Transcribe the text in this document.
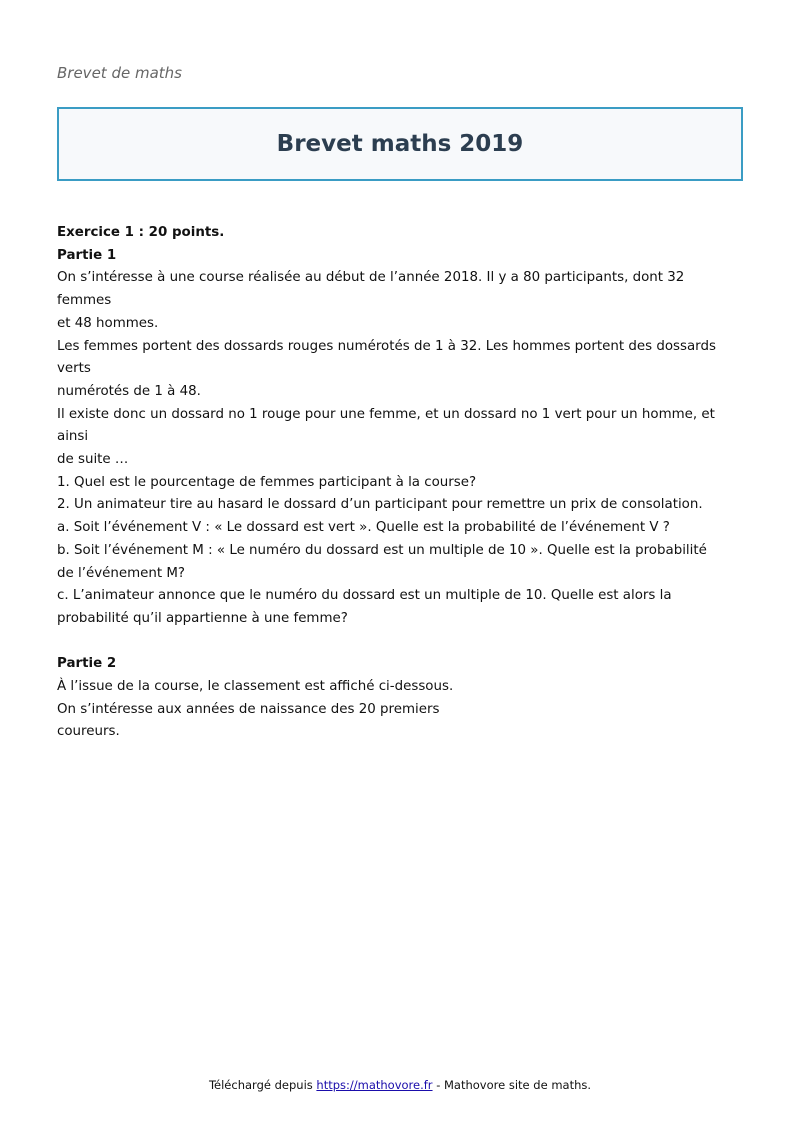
Brevet de maths
Brevet maths 2019

Exercice 1 : 20 points.

Partie 1

On s’intéresse à une course réalisée au début de l’année 2018. Il y a 80 participants, dont 32 femmes

et 48 hommes.

Les femmes portent des dossards rouges numérotés de 1 à 32. Les hommes portent des dossards verts

numérotés de 1 à 48.

Il existe donc un dossard no 1 rouge pour une femme, et un dossard no 1 vert pour un homme, et ainsi

de suite …

1. Quel est le pourcentage de femmes participant à la course?

2. Un animateur tire au hasard le dossard d’un participant pour remettre un prix de consolation.

a. Soit l’événement V : « Le dossard est vert ». Quelle est la probabilité de l’événement V ?

b. Soit l’événement M : « Le numéro du dossard est un multiple de 10 ». Quelle est la probabilité

de l’événement M?

c. L’animateur annonce que le numéro du dossard est un multiple de 10. Quelle est alors la

probabilité qu’il appartienne à une femme?

Partie 2

À l’issue de la course, le classement est affiché ci-dessous.

On s’intéresse aux années de naissance des 20 premiers

coureurs.

Téléchargé depuis https://mathovore.fr - Mathovore site de maths.
